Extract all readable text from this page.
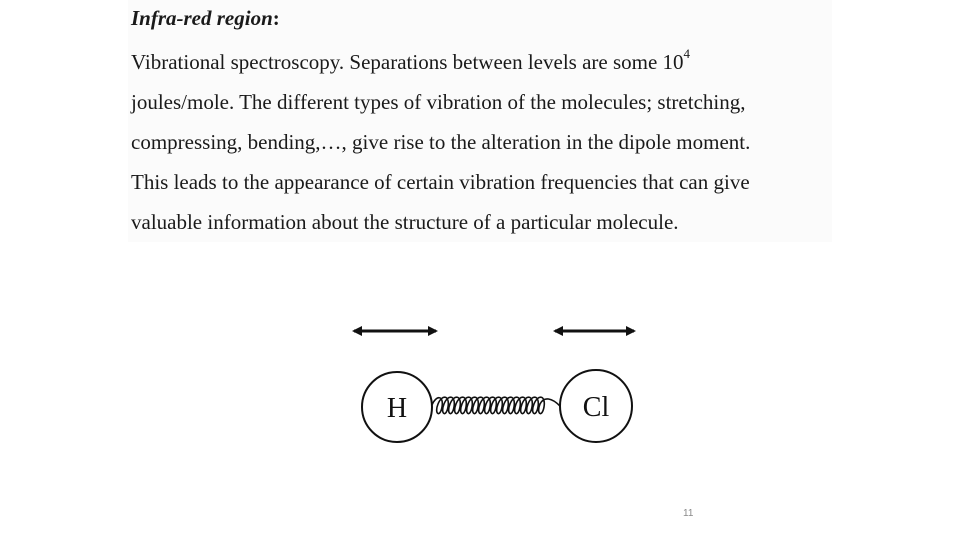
Infra-red region:
Vibrational spectroscopy. Separations between levels are some $10^4$
joules/mole. The different types of vibration of the molecules; stretching,
compressing, bending,…, give rise to the alteration in the dipole moment.
This leads to the appearance of certain vibration frequencies that can give
valuable information about the structure of a particular molecule.
H	Cl
11
